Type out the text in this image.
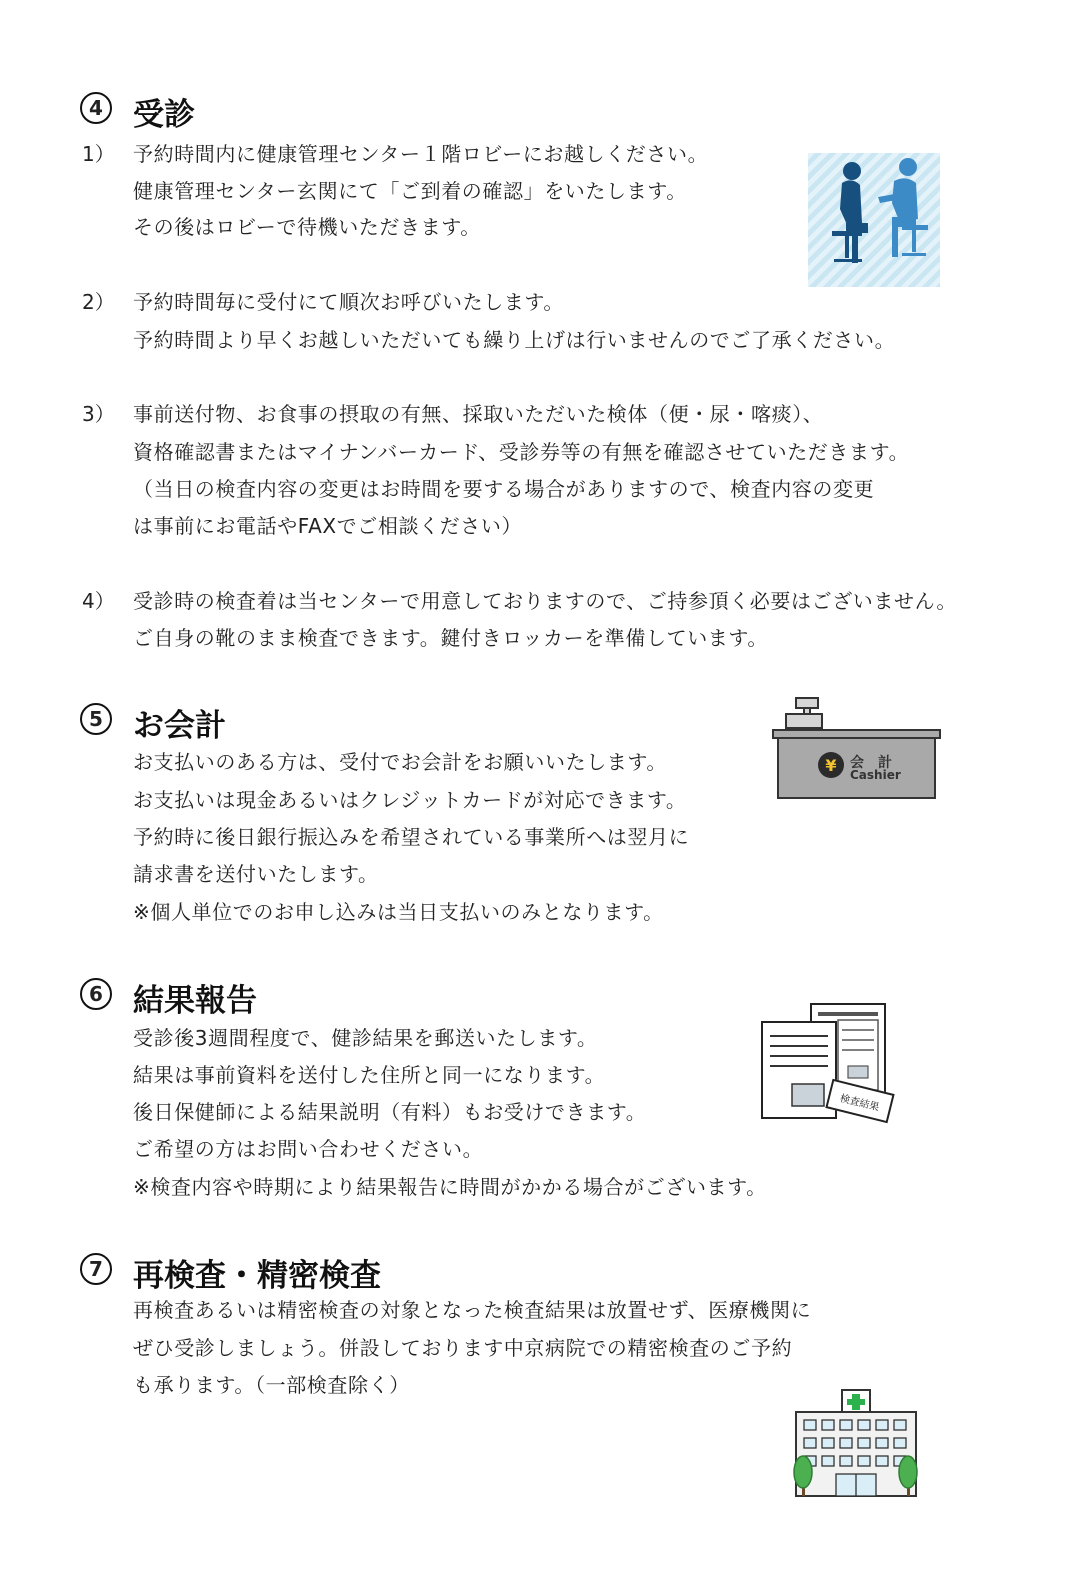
4 受診
1） 予約時間内に健康管理センター１階ロビーにお越しください。
健康管理センター玄関にて「ご到着の確認」をいたします。
その後はロビーで待機いただきます。
2） 予約時間毎に受付にて順次お呼びいたします。
予約時間より早くお越しいただいても繰り上げは行いませんのでご了承ください。
3） 事前送付物、お食事の摂取の有無、採取いただいた検体（便・尿・喀痰）、
資格確認書またはマイナンバーカード、受診券等の有無を確認させていただきます。
（当日の検査内容の変更はお時間を要する場合がありますので、検査内容の変更
は事前にお電話やFAXでご相談ください）
4） 受診時の検査着は当センターで用意しておりますので、ご持参頂く必要はございません。
ご自身の靴のまま検査できます。鍵付きロッカーを準備しています。
5 お会計
お支払いのある方は、受付でお会計をお願いいたします。
お支払いは現金あるいはクレジットカードが対応できます。
予約時に後日銀行振込みを希望されている事業所へは翌月に
請求書を送付いたします。
※個人単位でのお申し込みは当日支払いのみとなります。
¥ 会　計
Cashier
6 結果報告
受診後3週間程度で、健診結果を郵送いたします。
結果は事前資料を送付した住所と同一になります。
後日保健師による結果説明（有料）もお受けできます。
ご希望の方はお問い合わせください。
※検査内容や時期により結果報告に時間がかかる場合がございます。
検査結果
7 再検査・精密検査
再検査あるいは精密検査の対象となった検査結果は放置せず、医療機関に
ぜひ受診しましょう。併設しております中京病院での精密検査のご予約
も承ります。（一部検査除く）
